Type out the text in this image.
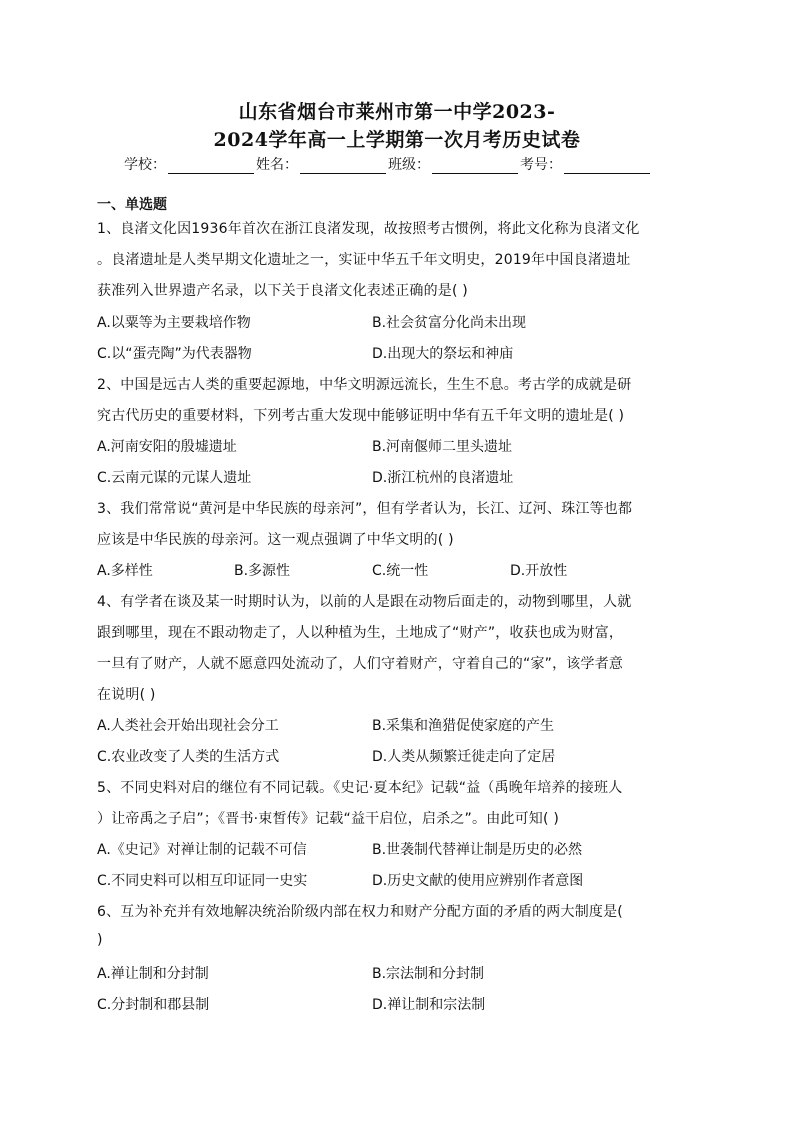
山东省烟台市莱州市第一中学2023-
2024学年高一上学期第一次月考历史试卷
学校：	姓名：	班级：	考号：
一、单选题
1、良渚文化因1936年首次在浙江良渚发现，故按照考古惯例，将此文化称为良渚文化
。良渚遗址是人类早期文化遗址之一，实证中华五千年文明史，2019年中国良渚遗址
获准列入世界遗产名录，以下关于良渚文化表述正确的是( )
A.以粟等为主要栽培作物	B.社会贫富分化尚未出现
C.以“蛋壳陶”为代表器物	D.出现大的祭坛和神庙
2、中国是远古人类的重要起源地，中华文明源远流长，生生不息。考古学的成就是研
究古代历史的重要材料，下列考古重大发现中能够证明中华有五千年文明的遗址是( )
A.河南安阳的殷墟遗址	B.河南偃师二里头遗址
C.云南元谋的元谋人遗址	D.浙江杭州的良渚遗址
3、我们常常说“黄河是中华民族的母亲河”，但有学者认为，长江、辽河、珠江等也都
应该是中华民族的母亲河。这一观点强调了中华文明的( )
A.多样性	B.多源性	C.统一性	D.开放性
4、有学者在谈及某一时期时认为，以前的人是跟在动物后面走的，动物到哪里，人就
跟到哪里，现在不跟动物走了，人以种植为生，土地成了“财产”，收获也成为财富，
一旦有了财产，人就不愿意四处流动了，人们守着财产，守着自己的“家”，该学者意
在说明( )
A.人类社会开始出现社会分工	B.采集和渔猎促使家庭的产生
C.农业改变了人类的生活方式	D.人类从频繁迁徙走向了定居
5、不同史料对启的继位有不同记载。《史记·夏本纪》记载“益（禹晚年培养的接班人
）让帝禹之子启”；《晋书·束皙传》记载“益干启位，启杀之”。由此可知( )
A.《史记》对禅让制的记载不可信	B.世袭制代替禅让制是历史的必然
C.不同史料可以相互印证同一史实	D.历史文献的使用应辨别作者意图
6、互为补充并有效地解决统治阶级内部在权力和财产分配方面的矛盾的两大制度是(
)
A.禅让制和分封制	B.宗法制和分封制
C.分封制和郡县制	D.禅让制和宗法制
